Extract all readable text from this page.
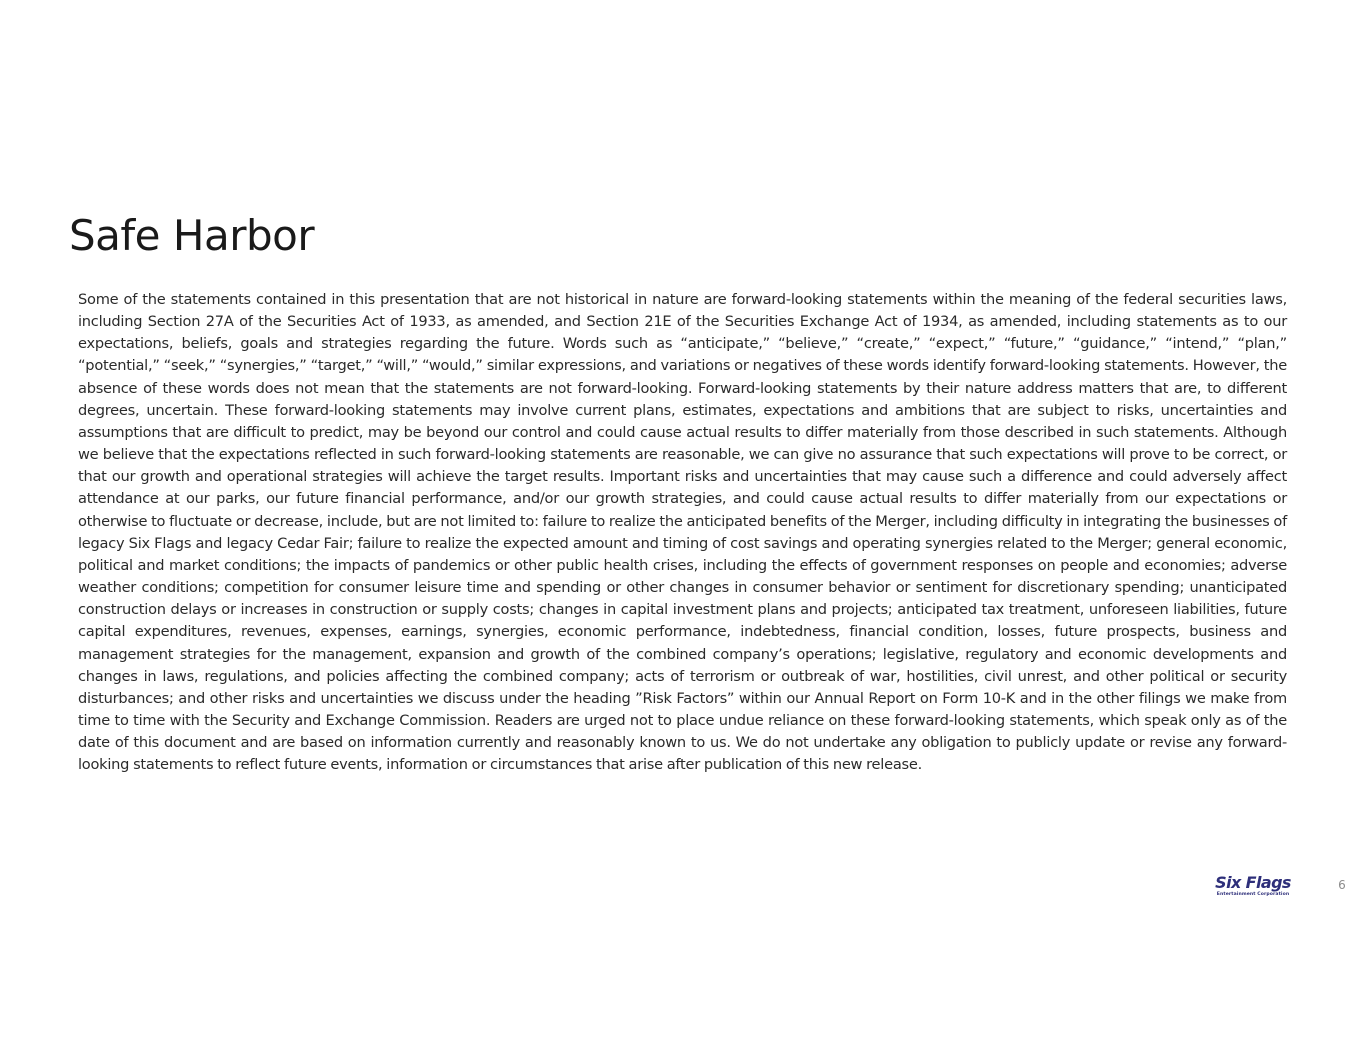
Safe Harbor

Some of the statements contained in this presentation that are not historical in nature are forward-looking statements within the meaning of the federal securities laws, including Section 27A of the Securities Act of 1933, as amended, and Section 21E of the Securities Exchange Act of 1934, as amended, including statements as to our expectations, beliefs, goals and strategies regarding the future. Words such as “anticipate,” “believe,” “create,” “expect,” “future,” “guidance,” “intend,” “plan,” “potential,” “seek,” “synergies,” “target,” “will,” “would,” similar expressions, and variations or negatives of these words identify forward-looking statements. However, the absence of these words does not mean that the statements are not forward-looking. Forward-looking statements by their nature address matters that are, to different degrees, uncertain. These forward-looking statements may involve current plans, estimates, expectations and ambitions that are subject to risks, uncertainties and assumptions that are difficult to predict, may be beyond our control and could cause actual results to differ materially from those described in such statements. Although we believe that the expectations reflected in such forward-looking statements are reasonable, we can give no assurance that such expectations will prove to be correct, or that our growth and operational strategies will achieve the target results. Important risks and uncertainties that may cause such a difference and could adversely affect attendance at our parks, our future financial performance, and/or our growth strategies, and could cause actual results to differ materially from our expectations or otherwise to fluctuate or decrease, include, but are not limited to: failure to realize the anticipated benefits of the Merger, including difficulty in integrating the businesses of legacy Six Flags and legacy Cedar Fair; failure to realize the expected amount and timing of cost savings and operating synergies related to the Merger; general economic, political and market conditions; the impacts of pandemics or other public health crises, including the effects of government responses on people and economies; adverse weather conditions; competition for consumer leisure time and spending or other changes in consumer behavior or sentiment for discretionary spending; unanticipated construction delays or increases in construction or supply costs; changes in capital investment plans and projects; anticipated tax treatment, unforeseen liabilities, future capital expenditures, revenues, expenses, earnings, synergies, economic performance, indebtedness, financial condition, losses, future prospects, business and management strategies for the management, expansion and growth of the combined company’s operations; legislative, regulatory and economic developments and changes in laws, regulations, and policies affecting the combined company; acts of terrorism or outbreak of war, hostilities, civil unrest, and other political or security disturbances; and other risks and uncertainties we discuss under the heading ”Risk Factors” within our Annual Report on Form 10-K and in the other filings we make from time to time with the Security and Exchange Commission. Readers are urged not to place undue reliance on these forward-looking statements, which speak only as of the date of this document and are based on information currently and reasonably known to us. We do not undertake any obligation to publicly update or revise any forward-looking statements to reflect future events, information or circumstances that arise after publication of this new release.

Six Flags
Entertainment Corporation
6
